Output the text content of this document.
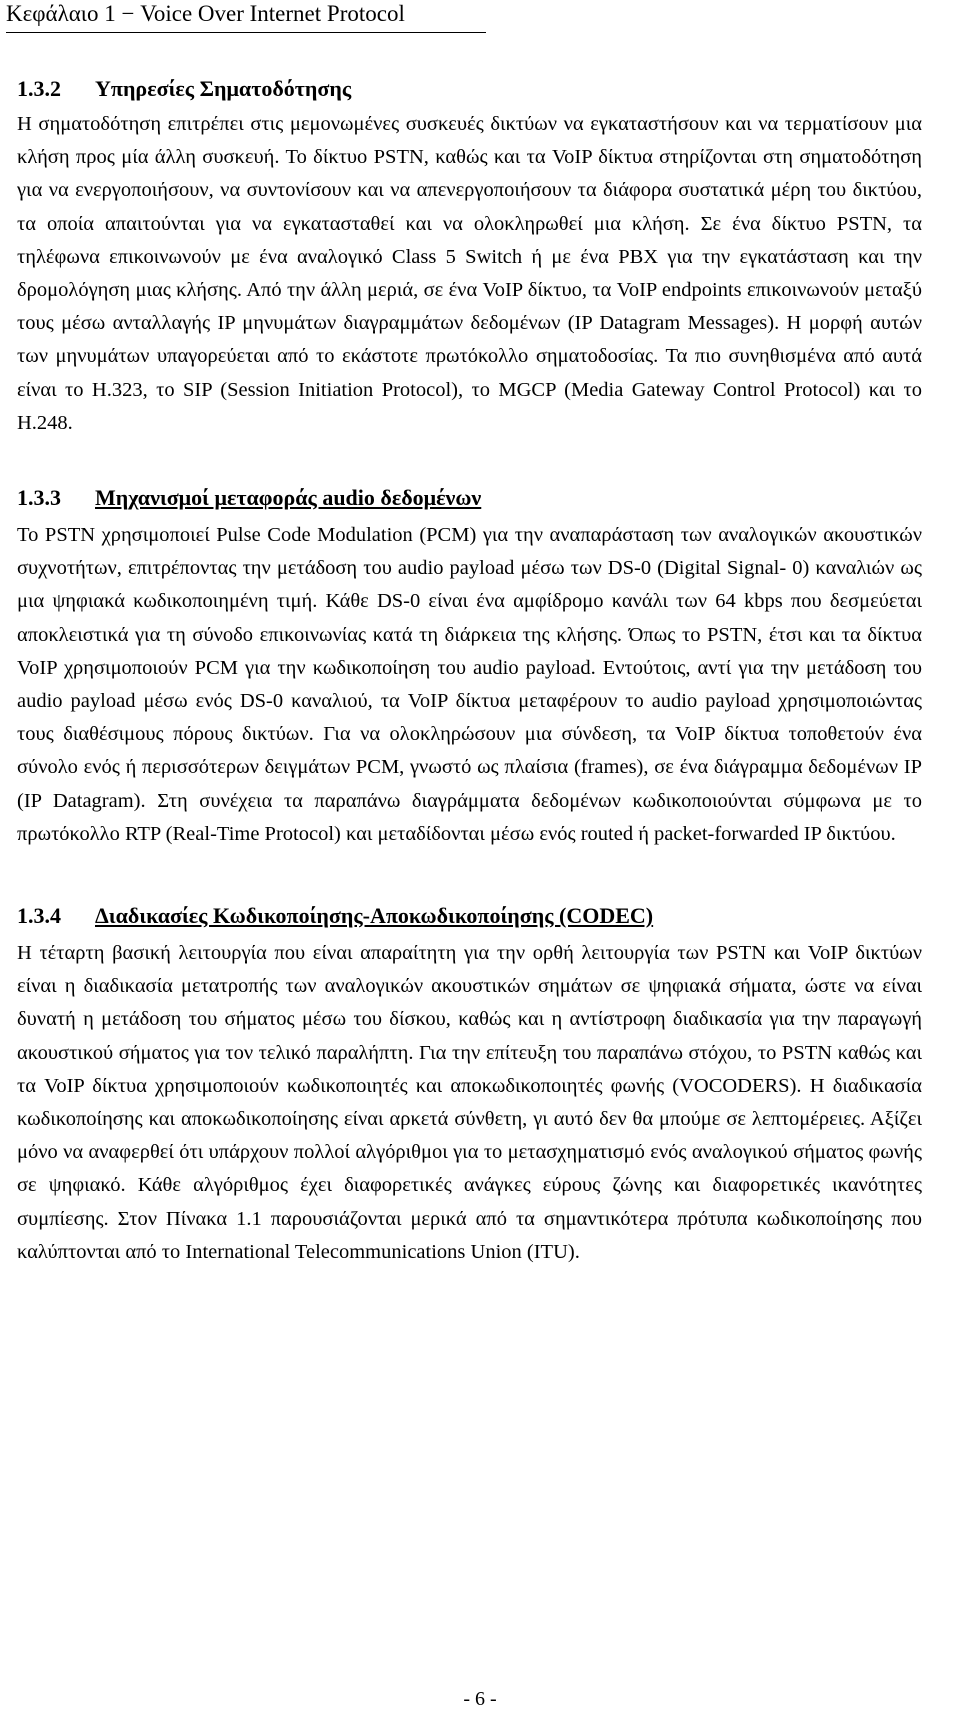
Κεφάλαιο 1 − Voice Over Internet Protocol
1.3.2 Υπηρεσίες Σηματοδότησης

Η σηματοδότηση επιτρέπει στις μεμονωμένες συσκευές δικτύων να εγκαταστήσουν και να τερματίσουν μια κλήση προς μία άλλη συσκευή. Το δίκτυο PSTN, καθώς και τα VoIP δίκτυα στηρίζονται στη σηματοδότηση για να ενεργοποιήσουν, να συντονίσουν και να απενεργοποιήσουν τα διάφορα συστατικά μέρη του δικτύου, τα οποία απαιτούνται για να εγκατασταθεί και να ολοκληρωθεί μια κλήση. Σε ένα δίκτυο PSTN, τα τηλέφωνα επικοινωνούν με ένα αναλογικό Class 5 Switch ή με ένα PBX για την εγκατάσταση και την δρομολόγηση μιας κλήσης. Από την άλλη μεριά, σε ένα VoIP δίκτυο, τα VoIP endpoints επικοινωνούν μεταξύ τους μέσω ανταλλαγής IP μηνυμάτων διαγραμμάτων δεδομένων (IP Datagram Messages). Η μορφή αυτών των μηνυμάτων υπαγορεύεται από το εκάστοτε πρωτόκολλο σηματοδοσίας. Τα πιο συνηθισμένα από αυτά είναι το H.323, το SIP (Session Initiation Protocol), το MGCP (Media Gateway Control Protocol) και το H.248.

1.3.3 Μηχανισμοί μεταφοράς audio δεδομένων

Το PSTN χρησιμοποιεί Pulse Code Modulation (PCM) για την αναπαράσταση των αναλογικών ακουστικών συχνοτήτων, επιτρέποντας την μετάδοση του audio payload μέσω των DS-0 (Digital Signal- 0) καναλιών ως μια ψηφιακά κωδικοποιημένη τιμή. Κάθε DS-0 είναι ένα αμφίδρομο κανάλι των 64 kbps που δεσμεύεται αποκλειστικά για τη σύνοδο επικοινωνίας κατά τη διάρκεια της κλήσης. Όπως το PSTN, έτσι και τα δίκτυα VoIP χρησιμοποιούν PCM για την κωδικοποίηση του audio payload. Εντούτοις, αντί για την μετάδοση του audio payload μέσω ενός DS-0 καναλιού, τα VoIP δίκτυα μεταφέρουν το audio payload χρησιμοποιώντας τους διαθέσιμους πόρους δικτύων. Για να ολοκληρώσουν μια σύνδεση, τα VoIP δίκτυα τοποθετούν ένα σύνολο ενός ή περισσότερων δειγμάτων PCM, γνωστό ως πλαίσια (frames), σε ένα διάγραμμα δεδομένων IP (IP Datagram). Στη συνέχεια τα παραπάνω διαγράμματα δεδομένων κωδικοποιούνται σύμφωνα με το πρωτόκολλο RTP (Real-Time Protocol) και μεταδίδονται μέσω ενός routed ή packet-forwarded IP δικτύου.

1.3.4 Διαδικασίες Κωδικοποίησης-Αποκωδικοποίησης (CODEC)

Η τέταρτη βασική λειτουργία που είναι απαραίτητη για την ορθή λειτουργία των PSTN και VoIP δικτύων είναι η διαδικασία μετατροπής των αναλογικών ακουστικών σημάτων σε ψηφιακά σήματα, ώστε να είναι δυνατή η μετάδοση του σήματος μέσω του δίσκου, καθώς και η αντίστροφη διαδικασία για την παραγωγή ακουστικού σήματος για τον τελικό παραλήπτη. Για την επίτευξη του παραπάνω στόχου, το PSTN καθώς και τα VoIP δίκτυα χρησιμοποιούν κωδικοποιητές και αποκωδικοποιητές φωνής (VOCODERS). Η διαδικασία κωδικοποίησης και αποκωδικοποίησης είναι αρκετά σύνθετη, γι αυτό δεν θα μπούμε σε λεπτομέρειες. Αξίζει μόνο να αναφερθεί ότι υπάρχουν πολλοί αλγόριθμοι για το μετασχηματισμό ενός αναλογικού σήματος φωνής σε ψηφιακό. Κάθε αλγόριθμος έχει διαφορετικές ανάγκες εύρους ζώνης και διαφορετικές ικανότητες συμπίεσης. Στον Πίνακα 1.1 παρουσιάζονται μερικά από τα σημαντικότερα πρότυπα κωδικοποίησης που καλύπτονται από το International Telecommunications Union (ITU).

- 6 -
